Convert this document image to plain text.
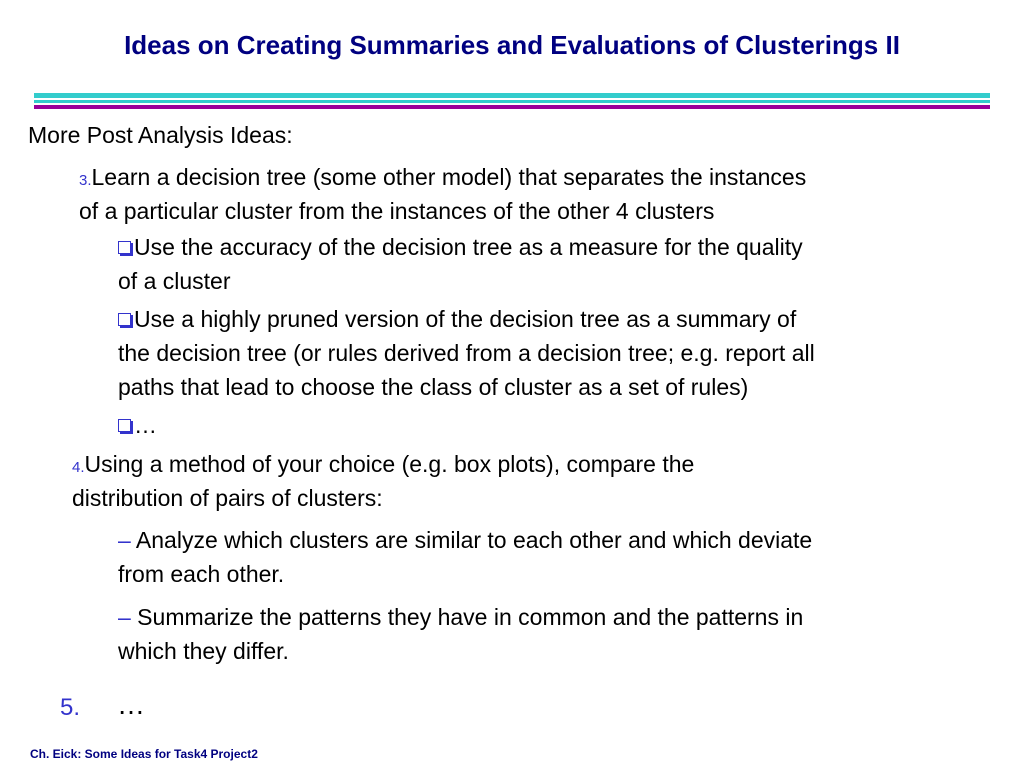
Ideas on Creating Summaries and Evaluations of Clusterings II
More Post Analysis Ideas:
3.Learn a decision tree (some other model) that separates the instances
of a particular cluster from the instances of the other 4 clusters
Use the accuracy of the decision tree as a measure for the quality
of a cluster
Use a highly pruned version of the decision tree as a summary of
the decision tree (or rules derived from a decision tree; e.g. report all
paths that lead to choose the class of cluster as a set of rules)
…
4.Using a method of your choice (e.g. box plots), compare the
distribution of pairs of clusters:
– Analyze which clusters are similar to each other and which deviate
from each other.
– Summarize the patterns they have in common and the patterns in
which they differ.
5. …
Ch. Eick: Some Ideas for Task4 Project2
